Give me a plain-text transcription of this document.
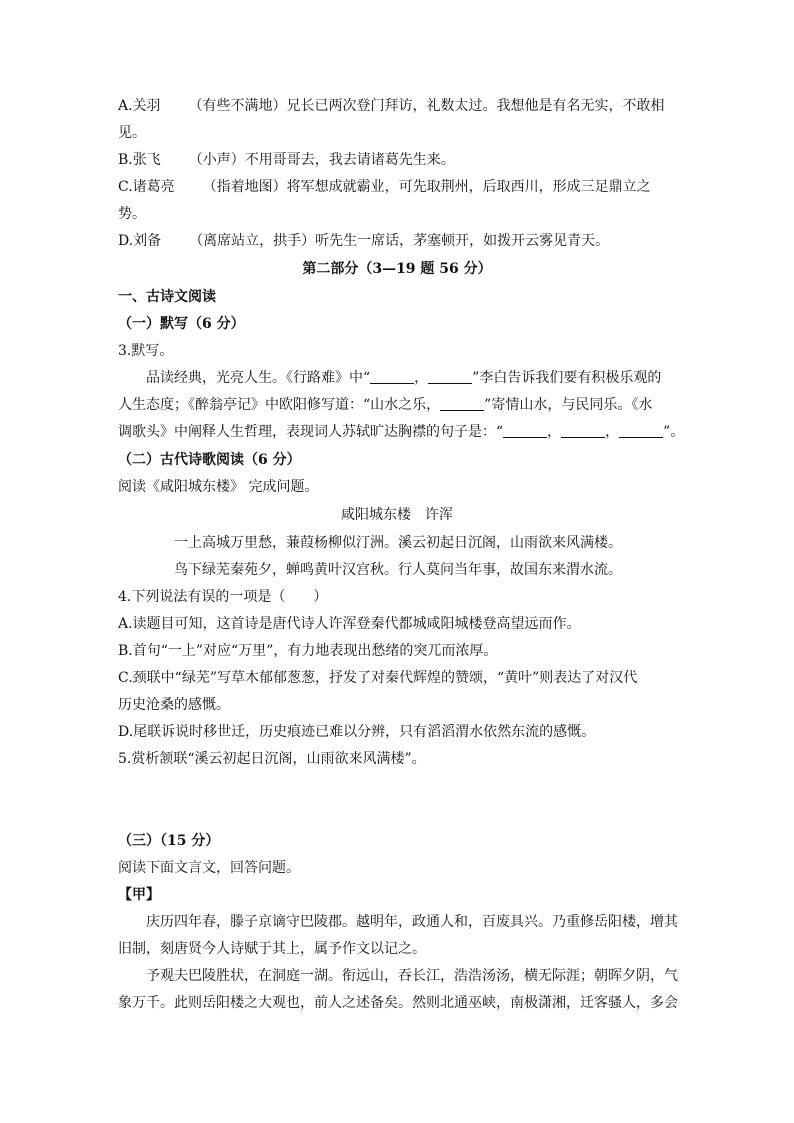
A.关羽 （有些不满地）兄长已两次登门拜访，礼数太过。我想他是有名无实，不敢相
见。
B.张飞 （小声）不用哥哥去，我去请诸葛先生来。
C.诸葛亮 （指着地图）将军想成就霸业，可先取荆州，后取西川，形成三足鼎立之
势。
D.刘备 （离席站立，拱手）听先生一席话，茅塞顿开，如拨开云雾见青天。
第二部分（3—19 题 56 分）
一、古诗文阅读
（一）默写（6 分）
3.默写。
品读经典，光亮人生。《行路难》中“	，	”李白告诉我们要有积极乐观的
人生态度；《醉翁亭记》中欧阳修写道：“山水之乐，	”寄情山水，与民同乐。《水
调歌头》中阐释人生哲理，表现词人苏轼旷达胸襟的句子是：“	，	，	”。
（二）古代诗歌阅读（6 分）
阅读《咸阳城东楼》 完成问题。
咸阳城东楼 许浑
一上高城万里愁，蒹葭杨柳似汀洲。溪云初起日沉阁，山雨欲来风满楼。
鸟下绿芜秦苑夕，蝉鸣黄叶汉宫秋。行人莫问当年事，故国东来渭水流。
4.下列说法有误的一项是（　　）
A.读题目可知，这首诗是唐代诗人许浑登秦代都城咸阳城楼登高望远而作。
B.首句“一上”对应“万里”，有力地表现出愁绪的突兀而浓厚。
C.颈联中“绿芜”写草木郁郁葱葱，抒发了对秦代辉煌的赞颂，“黄叶”则表达了对汉代
历史沧桑的感慨。
D.尾联诉说时移世迁，历史痕迹已难以分辨，只有滔滔渭水依然东流的感慨。
5.赏析颔联“溪云初起日沉阁，山雨欲来风满楼”。
（三）（15 分）
阅读下面文言文，回答问题。
【甲】
庆历四年春，滕子京谪守巴陵郡。越明年，政通人和，百废具兴。乃重修岳阳楼，增其
旧制，刻唐贤今人诗赋于其上，属予作文以记之。
予观夫巴陵胜状，在洞庭一湖。衔远山，吞长江，浩浩汤汤，横无际涯；朝晖夕阴，气
象万千。此则岳阳楼之大观也，前人之述备矣。然则北通巫峡，南极潇湘，迁客骚人，多会
